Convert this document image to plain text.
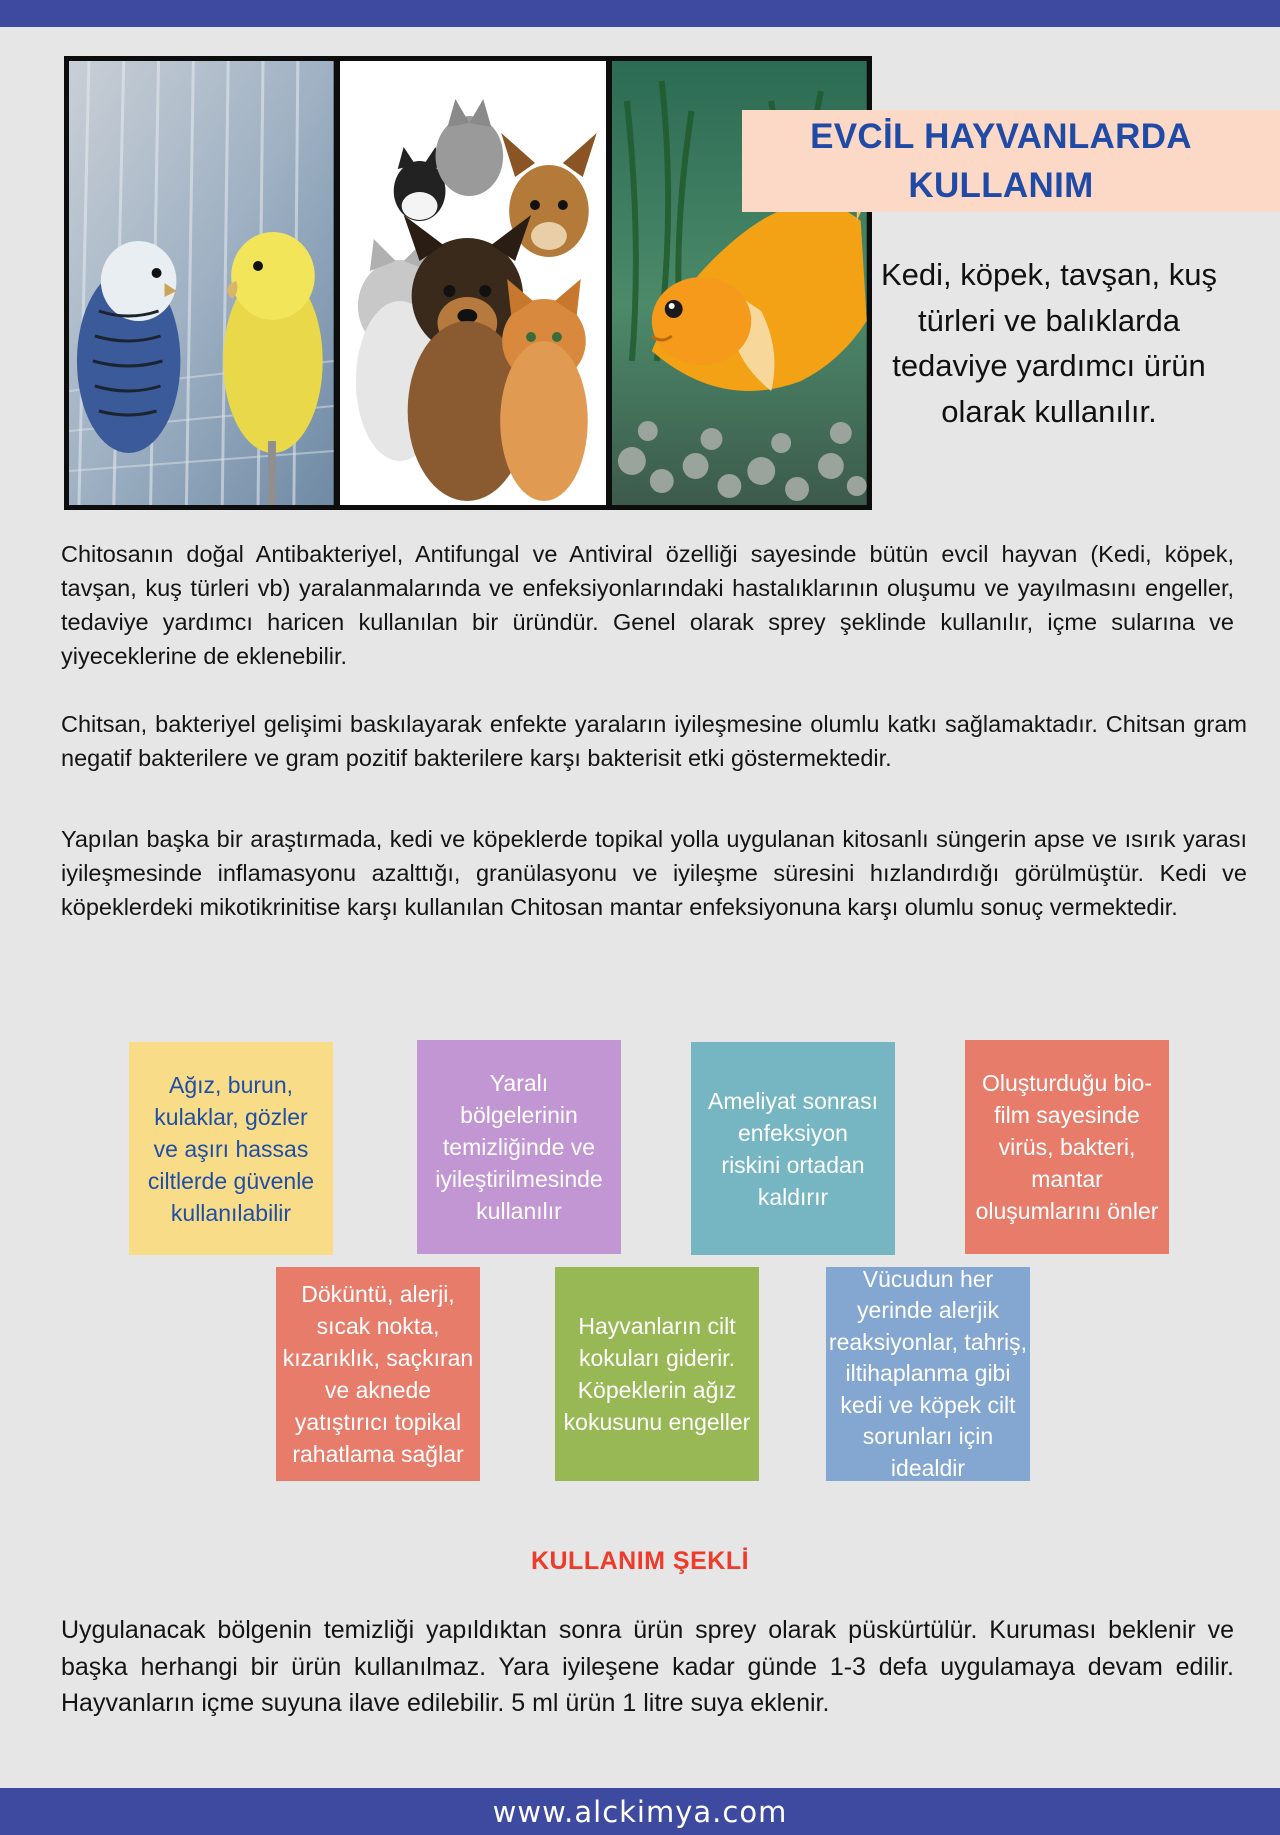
EVCİL HAYVANLARDA
KULLANIM

Kedi, köpek, tavşan, kuş türleri ve balıklarda tedaviye yardımcı ürün olarak kullanılır.

Chitosanın doğal Antibakteriyel, Antifungal ve Antiviral özelliği sayesinde bütün evcil hayvan (Kedi, köpek, tavşan, kuş türleri vb) yaralanmalarında ve enfeksiyonlarındaki hastalıklarının oluşumu ve yayılmasını engeller, tedaviye yardımcı haricen kullanılan bir üründür. Genel olarak sprey şeklinde kullanılır, içme sularına ve yiyeceklerine de eklenebilir.

Chitsan, bakteriyel gelişimi baskılayarak enfekte yaraların iyileşmesine olumlu katkı sağlamaktadır. Chitsan gram negatif bakterilere ve gram pozitif bakterilere karşı bakterisit etki göstermektedir.

Yapılan başka bir araştırmada, kedi ve köpeklerde topikal yolla uygulanan kitosanlı süngerin apse ve ısırık yarası iyileşmesinde inflamasyonu azalttığı, granülasyonu ve iyileşme süresini hızlandırdığı görülmüştür. Kedi ve köpeklerdeki mikotikrinitise karşı kullanılan Chitosan mantar enfeksiyonuna karşı olumlu sonuç vermektedir.

Ağız, burun, kulaklar, gözler ve aşırı hassas ciltlerde güvenle kullanılabilir
Yaralı bölgelerinin temizliğinde ve iyileştirilmesinde kullanılır
Ameliyat sonrası enfeksiyon riskini ortadan kaldırır
Oluşturduğu bio-film sayesinde virüs, bakteri, mantar oluşumlarını önler
Döküntü, alerji, sıcak nokta, kızarıklık, saçkıran ve aknede yatıştırıcı topikal rahatlama sağlar
Hayvanların cilt kokuları giderir. Köpeklerin ağız kokusunu engeller
Vücudun her yerinde alerjik reaksiyonlar, tahriş, iltihaplanma gibi kedi ve köpek cilt sorunları için idealdir
KULLANIM ŞEKLİ

Uygulanacak bölgenin temizliği yapıldıktan sonra ürün sprey olarak püskürtülür. Kuruması beklenir ve başka herhangi bir ürün kullanılmaz. Yara iyileşene kadar günde 1-3 defa uygulamaya devam edilir. Hayvanların içme suyuna ilave edilebilir. 5 ml ürün 1 litre suya eklenir.

www.alckimya.com
